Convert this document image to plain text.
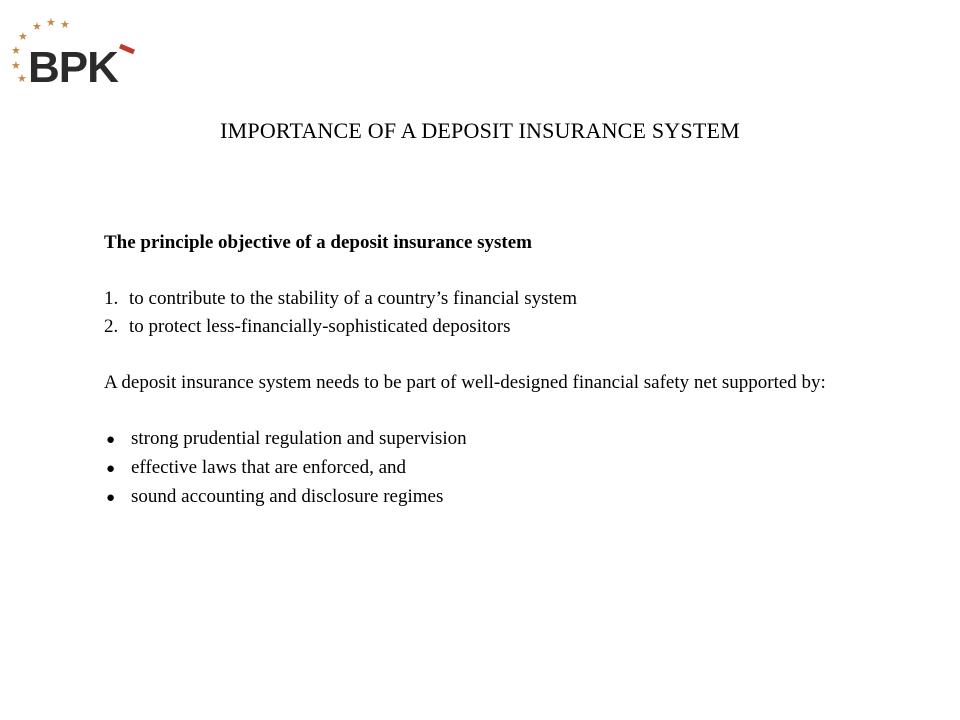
★ ★
★
★
★
★
★ BPK
IMPORTANCE OF A DEPOSIT INSURANCE SYSTEM

The principle objective of a deposit insurance system

1. to contribute to the stability of a country’s financial system
2. to protect less-financially-sophisticated depositors

A deposit insurance system needs to be part of well-designed financial safety net supported by:

● strong prudential regulation and supervision
● effective laws that are enforced, and
● sound accounting and disclosure regimes
